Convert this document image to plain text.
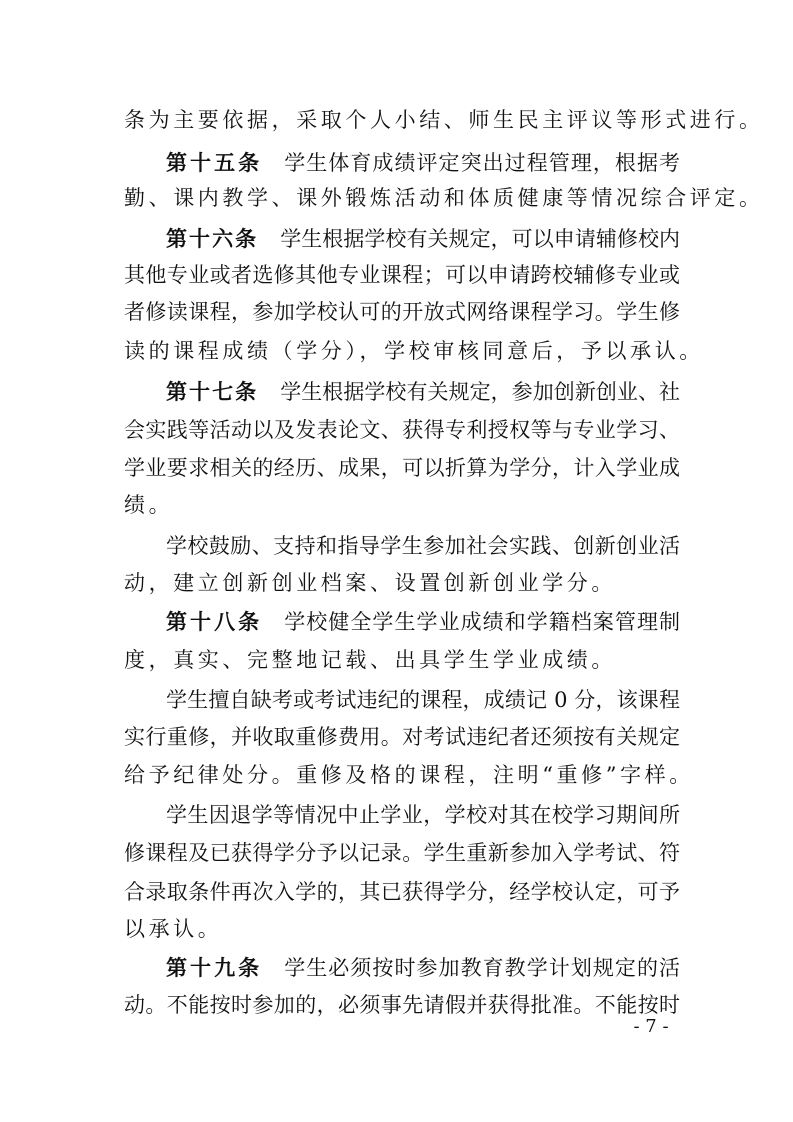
条为主要依据，采取个人小结、师生民主评议等形式进行。
第十五条 学生体育成绩评定突出过程管理，根据考
勤、课内教学、课外锻炼活动和体质健康等情况综合评定。
第十六条 学生根据学校有关规定，可以申请辅修校内
其他专业或者选修其他专业课程；可以申请跨校辅修专业或
者修读课程，参加学校认可的开放式网络课程学习。学生修
读的课程成绩（学分），学校审核同意后，予以承认。
第十七条 学生根据学校有关规定，参加创新创业、社
会实践等活动以及发表论文、获得专利授权等与专业学习、
学业要求相关的经历、成果，可以折算为学分，计入学业成
绩。
学校鼓励、支持和指导学生参加社会实践、创新创业活
动，建立创新创业档案、设置创新创业学分。
第十八条 学校健全学生学业成绩和学籍档案管理制
度，真实、完整地记载、出具学生学业成绩。
学生擅自缺考或考试违纪的课程，成绩记 0 分，该课程
实行重修，并收取重修费用。对考试违纪者还须按有关规定
给予纪律处分。重修及格的课程，注明“重修”字样。
学生因退学等情况中止学业，学校对其在校学习期间所
修课程及已获得学分予以记录。学生重新参加入学考试、符
合录取条件再次入学的，其已获得学分，经学校认定，可予
以承认。
第十九条 学生必须按时参加教育教学计划规定的活
动。不能按时参加的，必须事先请假并获得批准。不能按时
- 7 -
